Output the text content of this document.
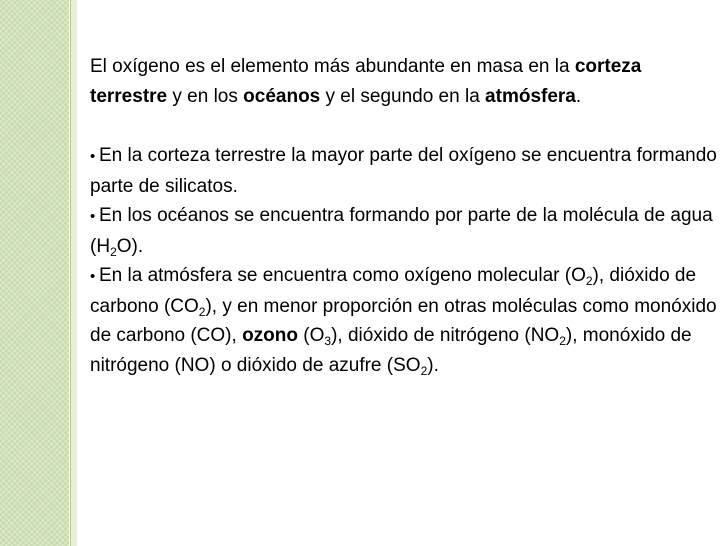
El oxígeno es el elemento más abundante en masa en la corteza terrestre y en los océanos y el segundo en la atmósfera.

• En la corteza terrestre la mayor parte del oxígeno se encuentra formando parte de silicatos.

• En los océanos se encuentra formando por parte de la molécula de agua $(H_2O)$.

• En la atmósfera se encuentra como oxígeno molecular $(O_2)$, dióxido de carbono $(CO_2)$, y en menor proporción en otras moléculas como monóxido de carbono (CO), ozono $(O_3)$, dióxido de nitrógeno $(NO_2)$, monóxido de nitrógeno (NO) o dióxido de azufre $(SO_2)$.
